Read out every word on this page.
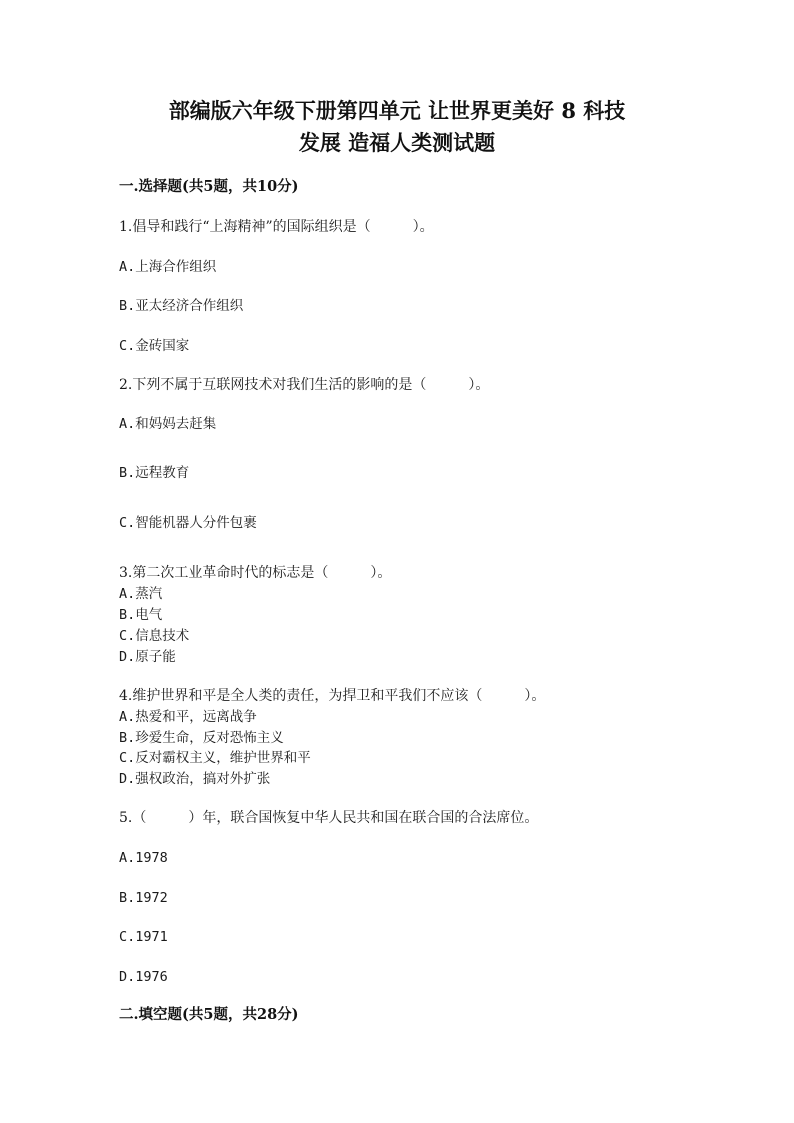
部编版六年级下册第四单元 让世界更美好 8 科技
发展 造福人类测试题
一.选择题(共5题，共10分)
1.倡导和践行“上海精神”的国际组织是（　　　）。
A.上海合作组织
B.亚太经济合作组织
C.金砖国家
2.下列不属于互联网技术对我们生活的影响的是（　　　）。
A.和妈妈去赶集
B.远程教育
C.智能机器人分件包裹
3.第二次工业革命时代的标志是（　　　）。
A.蒸汽
B.电气
C.信息技术
D.原子能
4.维护世界和平是全人类的责任，为捍卫和平我们不应该（　　　）。
A.热爱和平，远离战争
B.珍爱生命，反对恐怖主义
C.反对霸权主义，维护世界和平
D.强权政治，搞对外扩张
5.（　　　）年，联合国恢复中华人民共和国在联合国的合法席位。
A.1978
B.1972
C.1971
D.1976
二.填空题(共5题，共28分)
